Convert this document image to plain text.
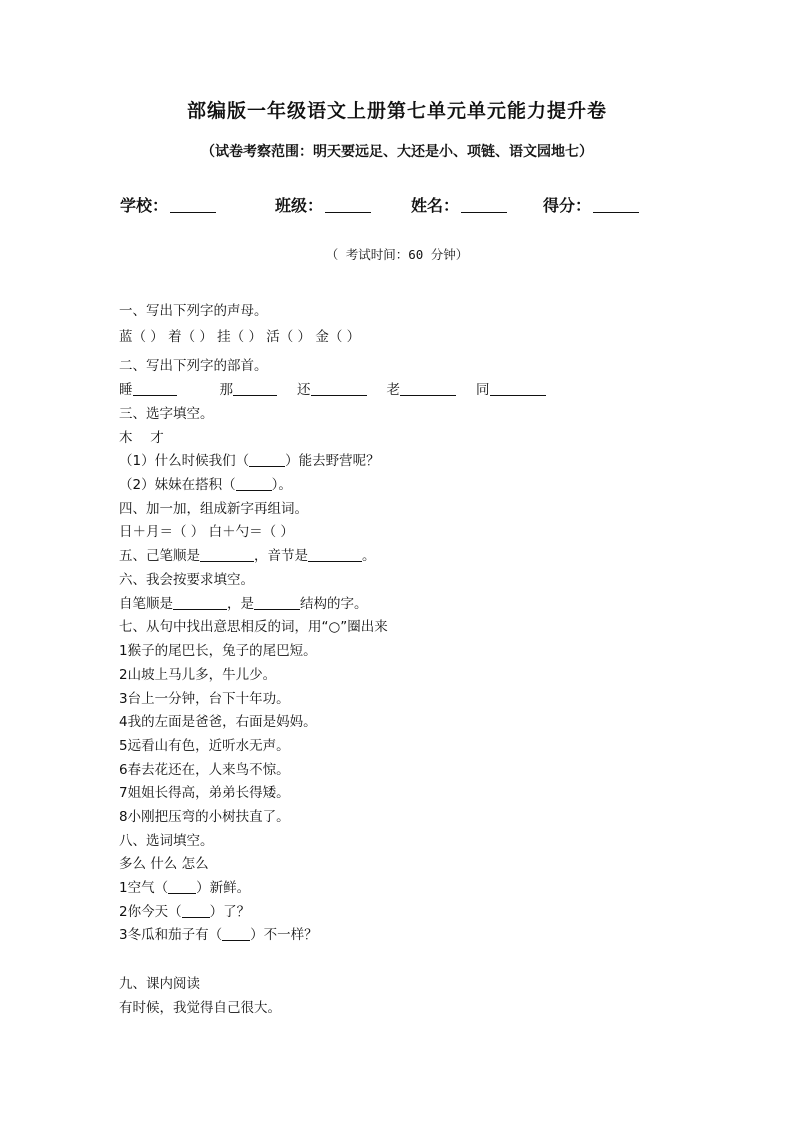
部编版一年级语文上册第七单元单元能力提升卷
（试卷考察范围：明天要远足、大还是小、项链、语文园地七）
学校：	班级：	姓名：	得分：
（ 考试时间：60 分钟）
一、写出下列字的声母。
蓝（ ） 着（ ） 挂（ ） 活（ ） 金（ ）
二、写出下列字的部首。
睡	那	还	老	同
三、选字填空。
木　 才
（1）什么时候我们（	）能去野营呢？
（2）妹妹在搭积（	）。
四、加一加，组成新字再组词。
日＋月＝（ ） 白＋勺＝（ ）
五、己笔顺是	，音节是	。
六、我会按要求填空。
自笔顺是	，是	结构的字。
七、从句中找出意思相反的词，用“○”圈出来
1猴子的尾巴长，兔子的尾巴短。
2山坡上马儿多，牛儿少。
3台上一分钟，台下十年功。
4我的左面是爸爸，右面是妈妈。
5远看山有色，近听水无声。
6春去花还在，人来鸟不惊。
7姐姐长得高，弟弟长得矮。
8小刚把压弯的小树扶直了。
八、选词填空。
多么 什么 怎么
1空气（ ）新鲜。
2你今天（ ）了？
3冬瓜和茄子有（ ）不一样？
九、课内阅读
有时候，我觉得自己很大。
